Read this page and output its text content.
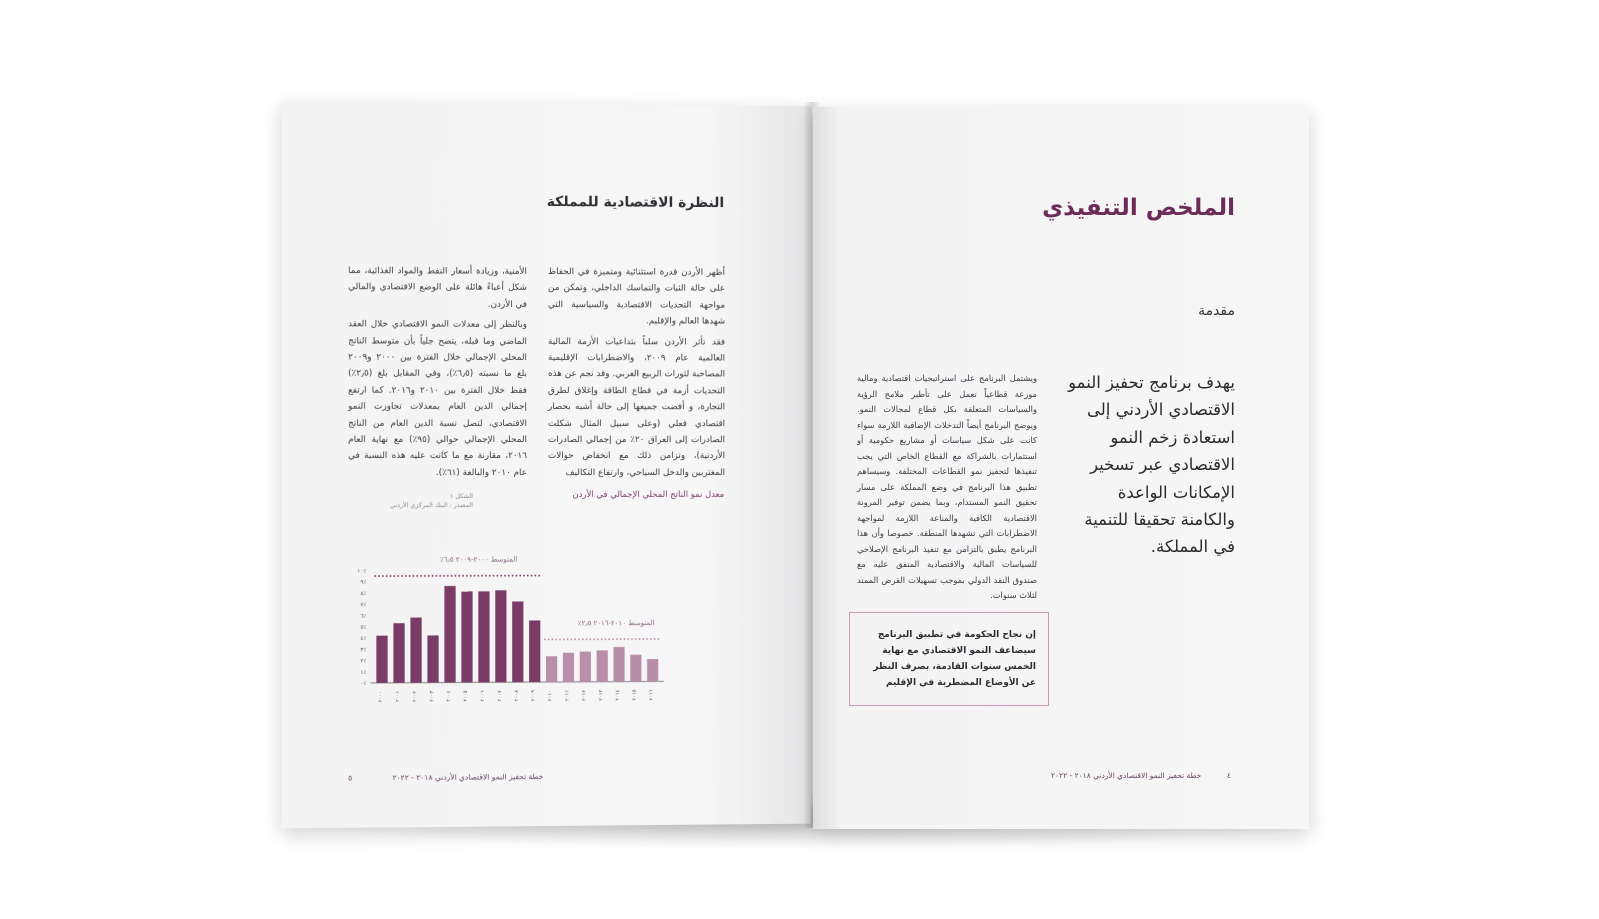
النظرة الاقتصادية للمملكة

أظهر الأردن قدرة استثنائية ومتميزة في الحفاظ على حالة الثبات والتماسك الداخلي، وتمكن من مواجهة التحديات الاقتصادية والسياسية التي شهدها العالم والإقليم.

فقد تأثر الأردن سلباً بتداعيات الأزمة المالية العالمية عام ٢٠٠٩، والاضطرابات الإقليمية المصاحبة لثورات الربيع العربي. وقد نجم عن هذه التحديات أزمة في قطاع الطاقة وإغلاق لطرق التجارة، و أفضت جميعها إلى حالة أشبه بحصار اقتصادي فعلي (وعلى سبيل المثال شكلت الصادرات إلى العراق ٢٠٪ من إجمالي الصادرات الأردنية)، وتزامن ذلك مع انخفاض حوالات المغتربين والدخل السياحي، وارتفاع التكاليف

الأمنية، وزيادة أسعار النفط والمواد الغذائية، مما شكل أعباءً هائلة على الوضع الاقتصادي والمالي في الأردن.

وبالنظر إلى معدلات النمو الاقتصادي خلال العقد الماضي وما قبله، يتضح جلياً بأن متوسط الناتج المحلي الإجمالي خلال الفترة بين ٢٠٠٠ و٢٠٠٩ بلغ ما نسبته (٦٫٥٪)، وفي المقابل بلغ (٢٫٥٪) فقط خلال الفترة بين ٢٠١٠ و٢٠١٦. كما ارتفع إجمالي الدين العام بمعدلات تجاوزت النمو الاقتصادي، لتصل نسبة الدين العام من الناتج المحلي الإجمالي حوالي (٩٥٪) مع نهاية العام ٢٠١٦، مقارنة مع ما كانت عليه هذه النسبة في عام ٢٠١٠ والبالغة (٦١٪).

معدل نمو الناتج المحلي الإجمالي في الأردن
الشكل ١
المصدر : البنك المركزي الأردني
٠٪
١٪
٢٪
٣٪
٤٪
٥٪
٦٪
٧٪
٨٪
٩٪
١٠٪
٢٠٠٠ ٢٠٠١ ٢٠٠٢ ٢٠٠٣ ٢٠٠٤ ٢٠٠٥ ٢٠٠٦ ٢٠٠٧ ٢٠٠٨ ٢٠٠٩ ٢٠١٠ ٢٠١١ ٢٠١٢ ٢٠١٣ ٢٠١٤ ٢٠١٥ ٢٠١٦
المتوسط ٢٠٠٠-٢٠٠٩ ٦٫٥٪
المتوسط ٢٠١٠-٢٠١٦ ٢٫٥٪
خطة تحفيز النمو الاقتصادي الأردني ٢٠١٨ - ٢٠٢٢
٥
الملخص التنفيذي
مقدمة
يهدف برنامج تحفيز النمو الاقتصادي الأردني إلى استعادة زخم النمو الاقتصادي عبر تسخير الإمكانات الواعدة والكامنة تحقيقا للتنمية في المملكة.
ويشتمل البرنامج على استراتيجيات اقتصادية ومالية موزعة قطاعياً تعمل على تأطير ملامح الرؤية والسياسات المتعلقة بكل قطاع لمجالات النمو. ويوضح البرنامج أيضاً التدخلات الإضافية اللازمة سواء كانت على شكل سياسات أو مشاريع حكومية أو استثمارات بالشراكة مع القطاع الخاص التي يجب تنفيذها لتحفيز نمو القطاعات المختلفة. وسيساهم تطبيق هذا البرنامج في وضع المملكة على مسار تحقيق النمو المستدام، وبما يضمن توفير المرونة الاقتصادية الكافية والمناعة اللازمة لمواجهة الاضطرابات التي تشهدها المنطقة. خصوصا وأن هذا البرنامج يطبق بالتزامن مع تنفيذ البرنامج الإصلاحي للسياسات المالية والاقتصادية المتفق عليه مع صندوق النقد الدولي بموجب تسهيلات القرض الممتد لثلاث سنوات.
إن نجاح الحكومة في تطبيق البرنامج سيضاعف النمو الاقتصادي مع نهاية الخمس سنوات القادمة، بصرف النظر عن الأوضاع المضطربة في الإقليم
خطة تحفيز النمو الاقتصادي الأردني ٢٠١٨ - ٢٠٢٢	٤
